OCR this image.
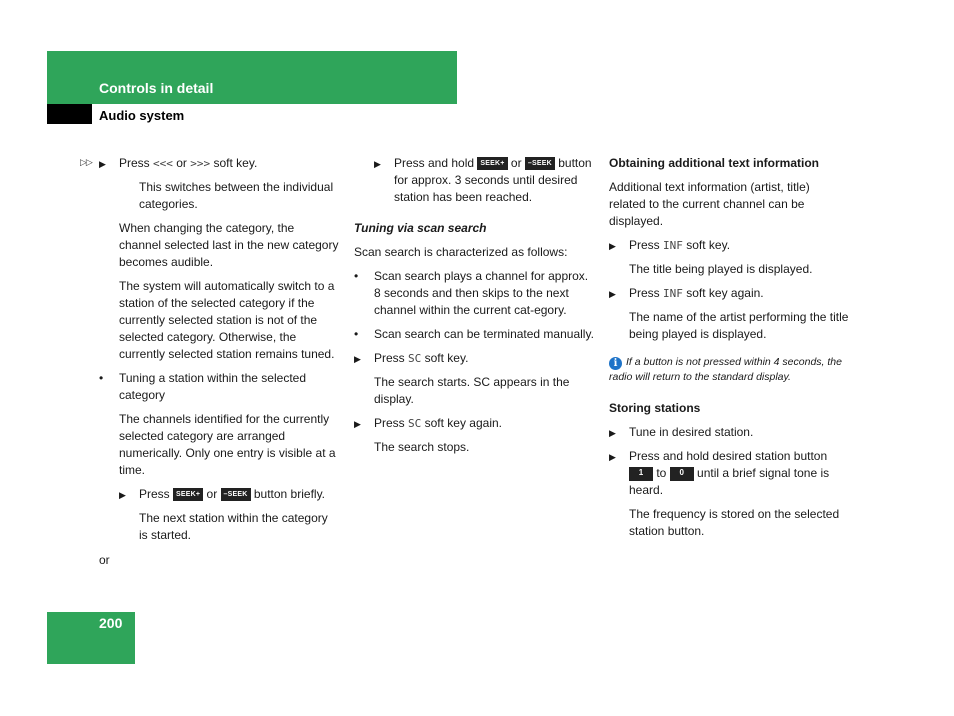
Controls in detail
Audio system
▷▷ ▶ Press <<< or >>> soft key.
This switches between the individual categories.
When changing the category, the channel selected last in the new category becomes audible.
The system will automatically switch to a station of the selected category if the currently selected station is not of the selected category. Otherwise, the currently selected station remains tuned.
• Tuning a station within the selected category
The channels identified for the currently selected category are arranged numerically. Only one entry is visible at a time.
▶ Press SEEK+ or –SEEK button briefly.
The next station within the category is started.
or
▶ Press and hold SEEK+ or –SEEK button for approx. 3 seconds until desired station has been reached.
Tuning via scan search
Scan search is characterized as follows:
• Scan search plays a channel for approx. 8 seconds and then skips to the next channel within the current cat-egory.
• Scan search can be terminated manually.
▶ Press SC soft key.
The search starts. SC appears in the display.
▶ Press SC soft key again.
The search stops.
Obtaining additional text information
Additional text information (artist, title) related to the current channel can be displayed.
▶ Press INF soft key.
The title being played is displayed.
▶ Press INF soft key again.
The name of the artist performing the title being played is displayed.
i If a button is not pressed within 4 seconds, the radio will return to the standard display.
Storing stations
▶ Tune in desired station.
▶ Press and hold desired station button 1 to 0 until a brief signal tone is heard.
The frequency is stored on the selected station button.
200
